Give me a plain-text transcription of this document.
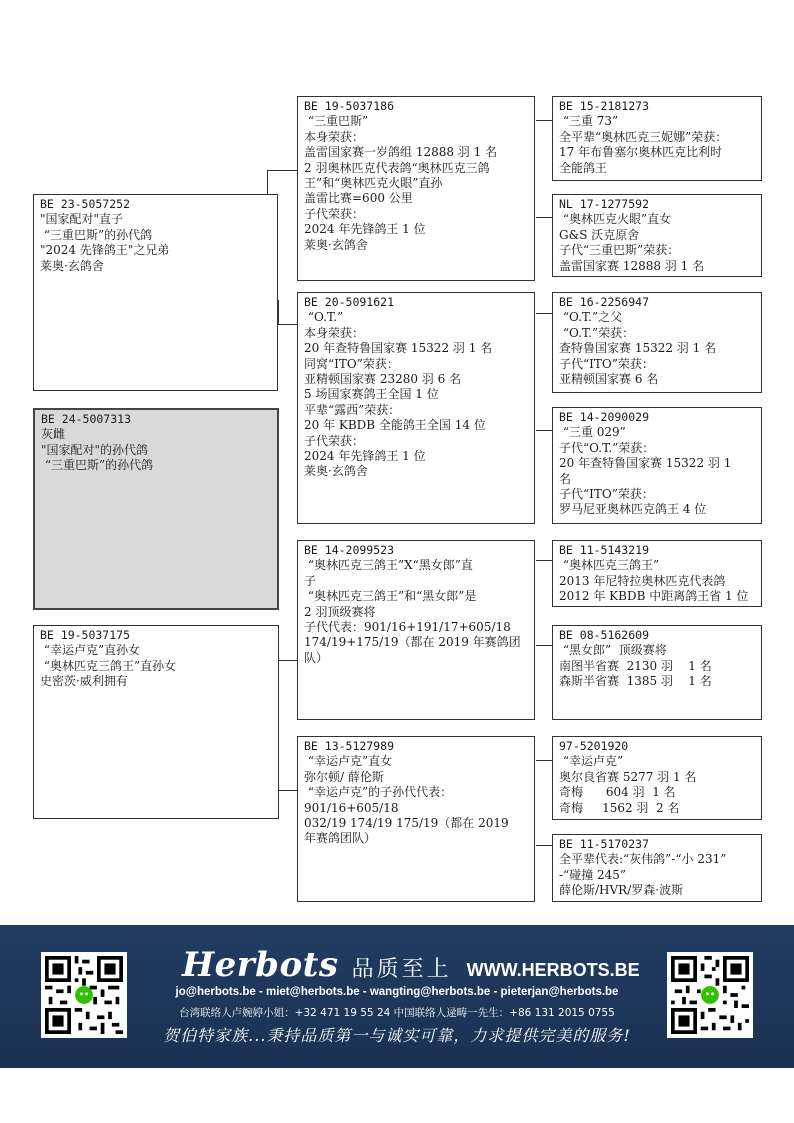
BE 23-5057252
"国家配对"直子
“三重巴斯”的孙代鸽
"2024 先锋鸽王"之兄弟
莱奥·玄鸽舍
BE 24-5007313
灰雌
"国家配对"的孙代鸽
“三重巴斯”的孙代鸽
BE 19-5037175
“幸运卢克”直孙女
“奥林匹克三鸽王”直孙女
史密茨·威利拥有
BE 19-5037186
“三重巴斯”
本身荣获：
盖雷国家赛一岁鸽组 12888 羽 1 名
2 羽奥林匹克代表鸽“奥林匹克三鸽
王”和“奥林匹克火眼”直孙
盖雷比赛=600 公里
子代荣获：
2024 年先锋鸽王 1 位
莱奥·玄鸽舍
BE 20-5091621
“O.T.”
本身荣获：
20 年查特鲁国家赛 15322 羽 1 名
同窝“ITO”荣获：
亚精顿国家赛 23280 羽 6 名
5 场国家赛鸽王全国 1 位
平辈“露西”荣获：
20 年 KBDB 全能鸽王全国 14 位
子代荣获：
2024 年先锋鸽王 1 位
莱奥·玄鸽舍
BE 14-2099523
“奥林匹克三鸽王”X“黑女郎”直
子
“奥林匹克三鸽王”和“黑女郎”是
2 羽顶级赛将
子代代表：901/16+191/17+605/18
174/19+175/19（都在 2019 年赛鸽团
队）
BE 13-5127989
“幸运卢克”直女
弥尔顿/ 薛伦斯
“幸运卢克”的子孙代代表：
901/16+605/18
032/19 174/19 175/19（都在 2019
年赛鸽团队）
BE 15-2181273
“三重 73”
全平辈“奥林匹克三妮娜”荣获：
17 年布鲁塞尔奥林匹克比利时
全能鸽王
NL 17-1277592
“奥林匹克火眼”直女
G&S 沃克原舍
子代“三重巴斯”荣获：
盖雷国家赛 12888 羽 1 名
BE 16-2256947
“O.T.”之父
“O.T.”荣获：
查特鲁国家赛 15322 羽 1 名
子代“ITO”荣获：
亚精顿国家赛 6 名
BE 14-2090029
“三重 029”
子代“O.T.”荣获：
20 年查特鲁国家赛 15322 羽 1
名
子代“ITO”荣获：
罗马尼亚奥林匹克鸽王 4 位
BE 11-5143219
“奥林匹克三鸽王”
2013 年尼特拉奥林匹克代表鸽
2012 年 KBDB 中距离鸽王省 1 位
BE 08-5162609
“黑女郎”  顶级赛将
南图半省赛  2130 羽    1 名
森斯半省赛  1385 羽    1 名
97-5201920
“幸运卢克”
奥尔良省赛 5277 羽 1 名
奇梅      604 羽  1 名
奇梅     1562 羽  2 名
BE 11-5170237
全平辈代表:“灰伟鸽”-“小 231”
-“碰撞 245”
薛伦斯/HVR/罗森·波斯
Herbots 品质至上 WWW.HERBOTS.BE
jo@herbots.be - miet@herbots.be - wangting@herbots.be - pieterjan@herbots.be
台湾联络人卢婉婷小姐：+32 471 19 55 24 中国联络人逯畴一先生：+86 131 2015 0755
贺伯特家族...秉持品质第一与诚实可靠，力求提供完美的服务!
